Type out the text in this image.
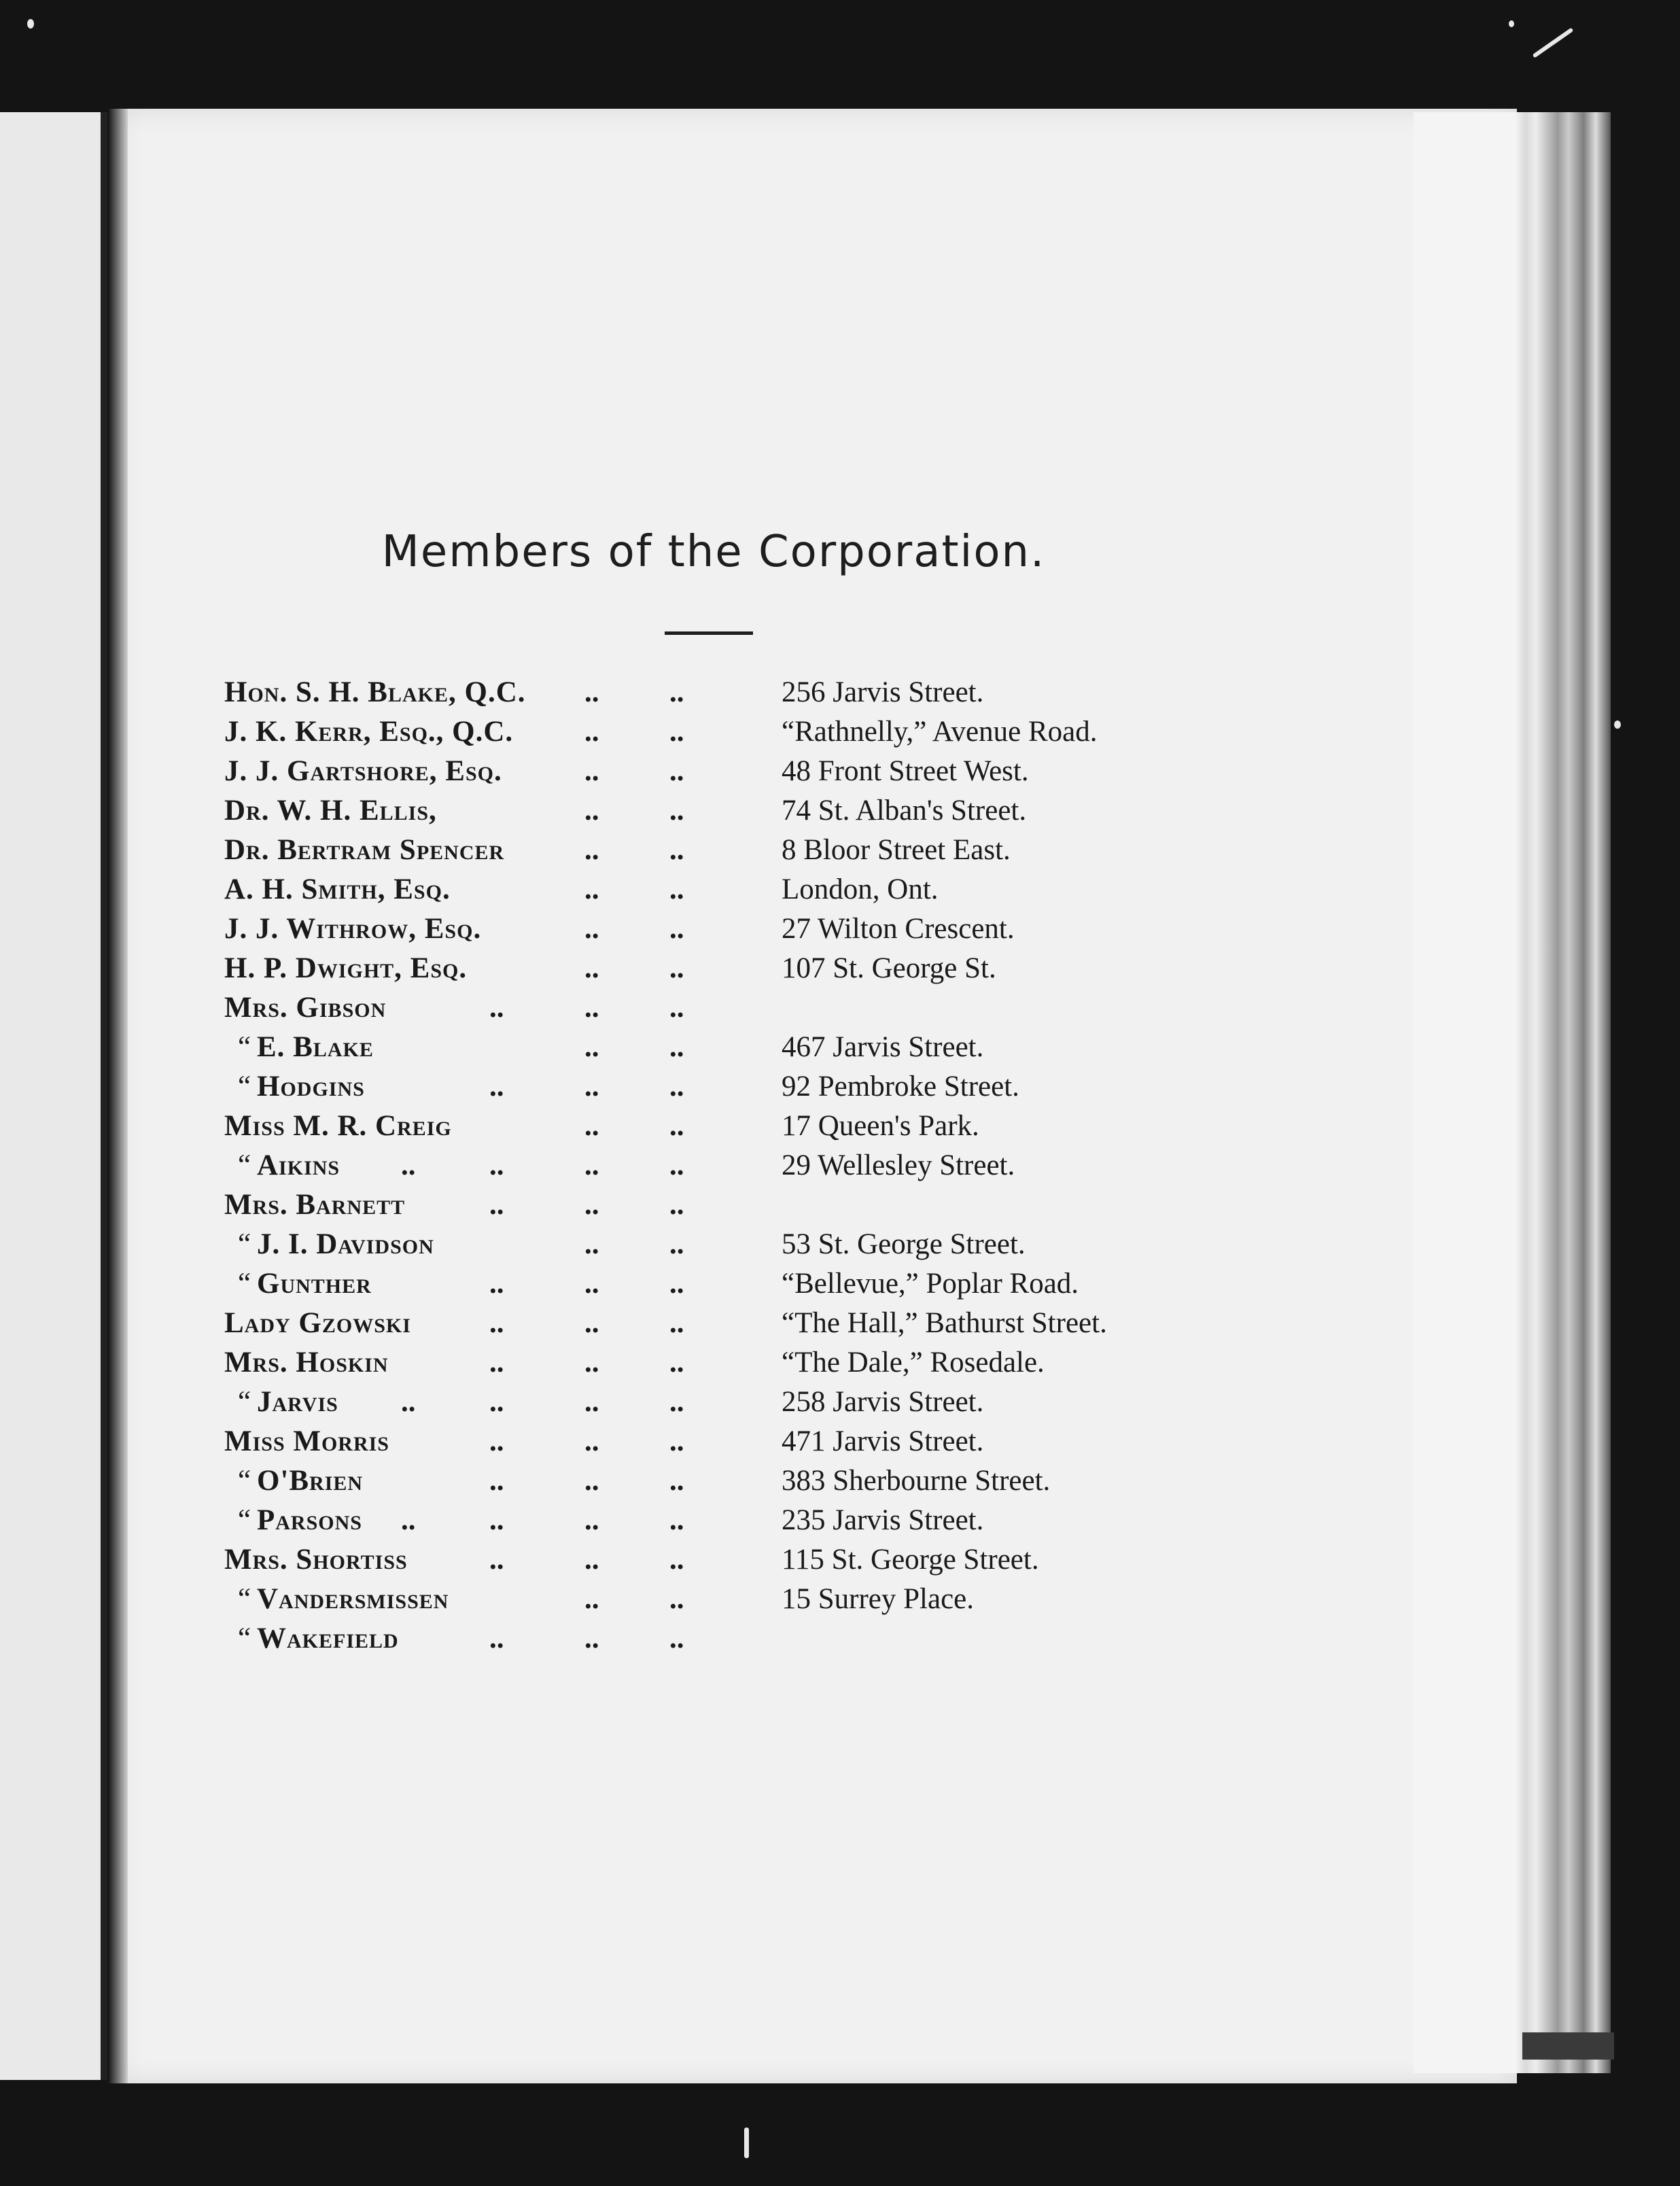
Members of the Corporation.
Hon. S. H. Blake, Q.C. .. ..	256 Jarvis Street.
J. K. Kerr, Esq., Q.C. .. ..	“Rathnelly,” Avenue Road.
J. J. Gartshore, Esq.	.. ..	48 Front Street West.
Dr. W. H. Ellis,	.. ..	74 St. Alban's Street.
Dr. Bertram Spencer	.. ..	8 Bloor Street East.
A. H. Smith, Esq.	.. ..	London, Ont.
J. J. Withrow, Esq.	.. ..	27 Wilton Crescent.
H. P. Dwight, Esq.	.. ..	107 St. George St.
Mrs. Gibson	..	.. ..
“ E. Blake	.. ..	467 Jarvis Street.
“ Hodgins	..	.. ..	92 Pembroke Street.
Miss M. R. Creig	.. ..	17 Queen's Park.
“ Aikins ..	..	.. ..	29 Wellesley Street.
Mrs. Barnett	..	.. ..
“ J. I. Davidson	.. ..	53 St. George Street.
“ Gunther	..	.. ..	“Bellevue,” Poplar Road.
Lady Gzowski	..	.. ..	“The Hall,” Bathurst Street.
Mrs. Hoskin	..	.. ..	“The Dale,” Rosedale.
“ Jarvis ..	..	.. ..	258 Jarvis Street.
Miss Morris	..	.. ..	471 Jarvis Street.
“ O'Brien	..	.. ..	383 Sherbourne Street.
“ Parsons ..	..	.. ..	235 Jarvis Street.
Mrs. Shortiss	..	.. ..	115 St. George Street.
“ Vandersmissen	.. ..	15 Surrey Place.
“ Wakefield	..	.. ..
